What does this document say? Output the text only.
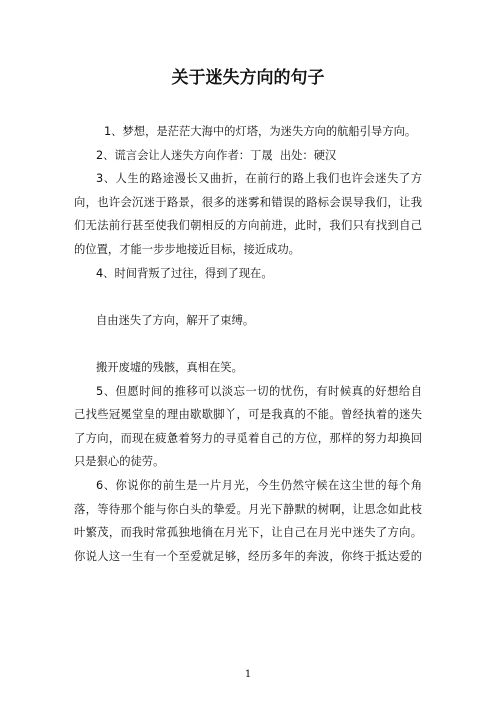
关于迷失方向的句子
1、梦想，是茫茫大海中的灯塔，为迷失方向的航船引导方向。
2、谎言会让人迷失方向作者：丁晟  出处：硬汉
3、人生的路途漫长又曲折，在前行的路上我们也许会迷失了方
向，也许会沉迷于路景，很多的迷雾和错误的路标会误导我们，让我
们无法前行甚至使我们朝相反的方向前进，此时，我们只有找到自己
的位置，才能一步步地接近目标，接近成功。
4、时间背叛了过往，得到了现在。
自由迷失了方向，解开了束缚。
搬开废墟的残骸，真相在笑。
5、但愿时间的推移可以淡忘一切的忧伤，有时候真的好想给自
己找些冠冕堂皇的理由歇歇脚丫，可是我真的不能。曾经执着的迷失
了方向，而现在疲惫着努力的寻觅着自己的方位，那样的努力却换回
只是狠心的徒劳。
6、你说你的前生是一片月光，今生仍然守候在这尘世的每个角
落，等待那个能与你白头的挚爱。月光下静默的树啊，让思念如此枝
叶繁茂，而我时常孤独地徜在月光下，让自己在月光中迷失了方向。
你说人这一生有一个至爱就足够，经历多年的奔波，你终于抵达爱的
1
